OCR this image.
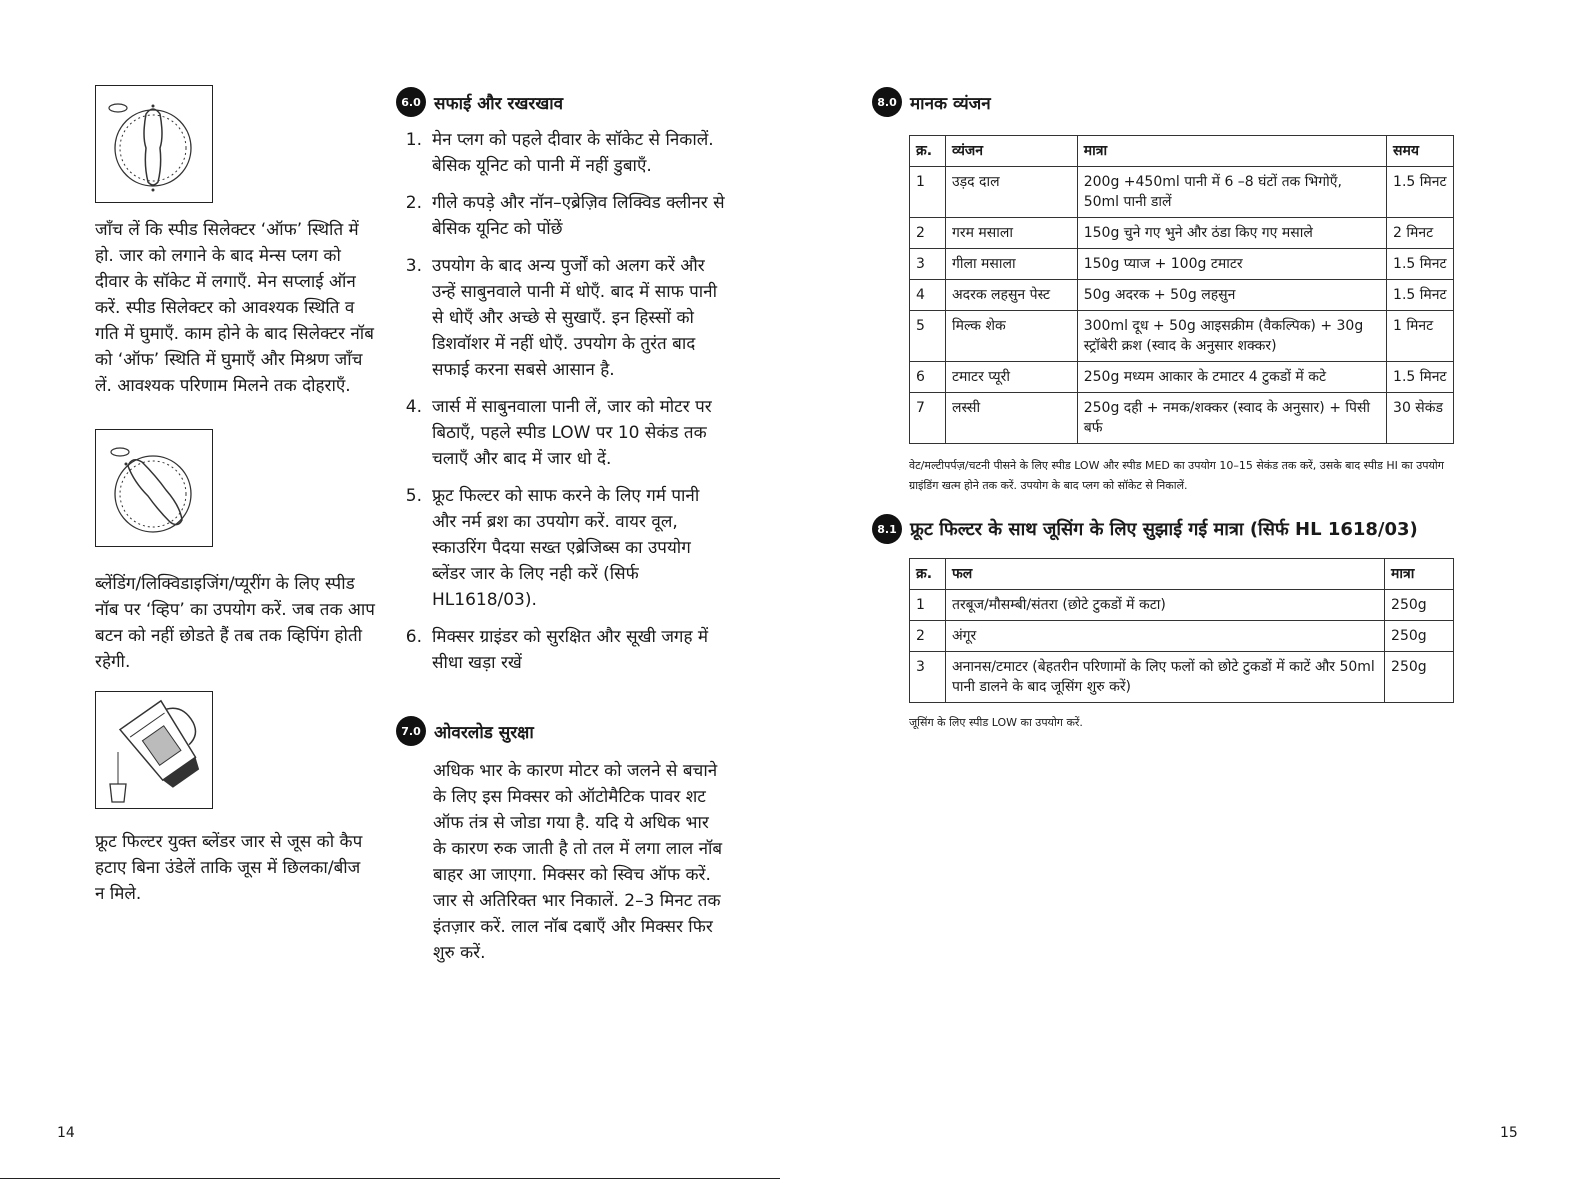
जाँच लें कि स्पीड सिलेक्टर ‘ऑफ’ स्थिति में हो. जार को लगाने के बाद मेन्स प्लग को दीवार के सॉकेट में लगाएँ. मेन सप्लाई ऑन करें. स्पीड सिलेक्टर को आवश्यक स्थिति व गति में घुमाएँ. काम होने के बाद सिलेक्टर नॉब को ‘ऑफ’ स्थिति में घुमाएँ और मिश्रण जाँच लें. आवश्यक परिणाम मिलने तक दोहराएँ.

ब्लेंडिंग/लिक्विडाइजिंग/प्यूरींग के लिए स्पीड नॉब पर ‘व्हिप’ का उपयोग करें. जब तक आप बटन को नहीं छोडते हैं तब तक व्हिपिंग होती रहेगी.

फ्रूट फिल्टर युक्त ब्लेंडर जार से जूस को कैप हटाए बिना उंडेलें ताकि जूस में छिलका/बीज न मिले.

6.0 सफाई और रखरखाव
1. मेन प्लग को पहले दीवार के सॉकेट से निकालें. बेसिक यूनिट को पानी में नहीं डुबाएँ.
2. गीले कपड़े और नॉन–एब्रेज़िव लिक्विड क्लीनर से बेसिक यूनिट को पोंछें
3. उपयोग के बाद अन्य पुर्जों को अलग करें और उन्हें साबुनवाले पानी में धोएँ. बाद में साफ पानी से धोएँ और अच्छे से सुखाएँ. इन हिस्सों को डिशवॉशर में नहीं धोएँ. उपयोग के तुरंत बाद सफाई करना सबसे आसान है.
4. जार्स में साबुनवाला पानी लें, जार को मोटर पर बिठाएँ, पहले स्पीड LOW पर 10 सेकंड तक चलाएँ और बाद में जार धो दें.
5. फ्रूट फिल्टर को साफ करने के लिए गर्म पानी और नर्म ब्रश का उपयोग करें. वायर वूल, स्काउरिंग पैदया सख्त एब्रेजिब्स का उपयोग ब्लेंडर जार के लिए नही करें (सिर्फ HL1618/03).
6. मिक्सर ग्राइंडर को सुरक्षित और सूखी जगह में सीधा खड़ा रखें
7.0 ओवरलोड सुरक्षा

अधिक भार के कारण मोटर को जलने से बचाने के लिए इस मिक्सर को ऑटोमैटिक पावर शट ऑफ तंत्र से जोडा गया है. यदि ये अधिक भार के कारण रुक जाती है तो तल में लगा लाल नॉब बाहर आ जाएगा. मिक्सर को स्विच ऑफ करें. जार से अतिरिक्त भार निकालें. 2–3 मिनट तक इंतज़ार करें. लाल नॉब दबाएँ और मिक्सर फिर शुरु करें.

8.0 मानक व्यंजन
क्र.	व्यंजन	मात्रा	समय
1	उड़द दाल	200g +450ml पानी में 6 –8 घंटों तक भिगोएँ, 50ml पानी डालें	1.5 मिनट
2	गरम मसाला	150g चुने गए भुने और ठंडा किए गए मसाले	2 मिनट
3	गीला मसाला	150g प्याज + 100g टमाटर	1.5 मिनट
4	अदरक लहसुन पेस्ट	50g अदरक + 50g लहसुन	1.5 मिनट
5	मिल्क शेक	300ml दूध + 50g आइसक्रीम (वैकल्पिक) + 30g स्ट्रॉबेरी क्रश (स्वाद के अनुसार शक्कर)	1 मिनट
6	टमाटर प्यूरी	250g मध्यम आकार के टमाटर 4 टुकडों में कटे	1.5 मिनट
7	लस्सी	250g दही + नमक/शक्कर (स्वाद के अनुसार) + पिसी बर्फ	30 सेकंड

वेट/मल्टीपर्पज़/चटनी पीसने के लिए स्पीड LOW और स्पीड MED का उपयोग 10–15 सेकंड तक करें, उसके बाद स्पीड HI का उपयोग ग्राइंडिंग खत्म होने तक करें. उपयोग के बाद प्लग को सॉकेट से निकालें.

8.1 फ्रूट फिल्टर के साथ जूसिंग के लिए सुझाई गई मात्रा (सिर्फ HL 1618/03)
क्र.	फल	मात्रा
1	तरबूज/मौसम्बी/संतरा (छोटे टुकडों में कटा)	250g
2	अंगूर	250g
3	अनानस/टमाटर (बेहतरीन परिणामों के लिए फलों को छोटे टुकडों में काटें और 50ml पानी डालने के बाद जूसिंग शुरु करें)	250g

जूसिंग के लिए स्पीड LOW का उपयोग करें.

14	15
